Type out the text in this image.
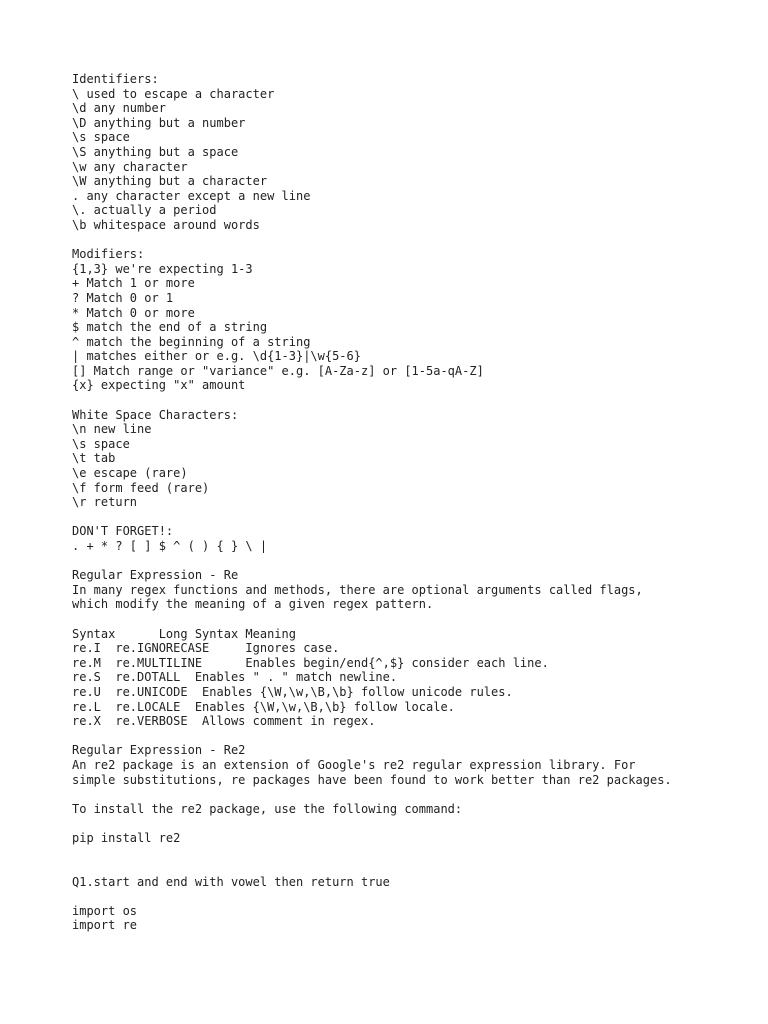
Identifiers:
\ used to escape a character
\d any number
\D anything but a number
\s space
\S anything but a space
\w any character
\W anything but a character
. any character except a new line
\. actually a period
\b whitespace around words
Modifiers:
{1,3} we're expecting 1-3
+ Match 1 or more
? Match 0 or 1
* Match 0 or more
$ match the end of a string
^ match the beginning of a string
| matches either or e.g. \d{1-3}|\w{5-6}
[] Match range or "variance" e.g. [A-Za-z] or [1-5a-qA-Z]
{x} expecting "x" amount
White Space Characters:
\n new line
\s space
\t tab
\e escape (rare)
\f form feed (rare)
\r return
DON'T FORGET!:
. + * ? [ ] $ ^ ( ) { } \ |
Regular Expression - Re
In many regex functions and methods, there are optional arguments called flags,
which modify the meaning of a given regex pattern.
Syntax      Long Syntax Meaning
re.I  re.IGNORECASE     Ignores case.
re.M  re.MULTILINE      Enables begin/end{^,$} consider each line.
re.S  re.DOTALL  Enables " . " match newline.
re.U  re.UNICODE  Enables {\W,\w,\B,\b} follow unicode rules.
re.L  re.LOCALE  Enables {\W,\w,\B,\b} follow locale.
re.X  re.VERBOSE  Allows comment in regex.
Regular Expression - Re2
An re2 package is an extension of Google's re2 regular expression library. For
simple substitutions, re packages have been found to work better than re2 packages.
To install the re2 package, use the following command:
pip install re2
Q1.start and end with vowel then return true
import os
import re
